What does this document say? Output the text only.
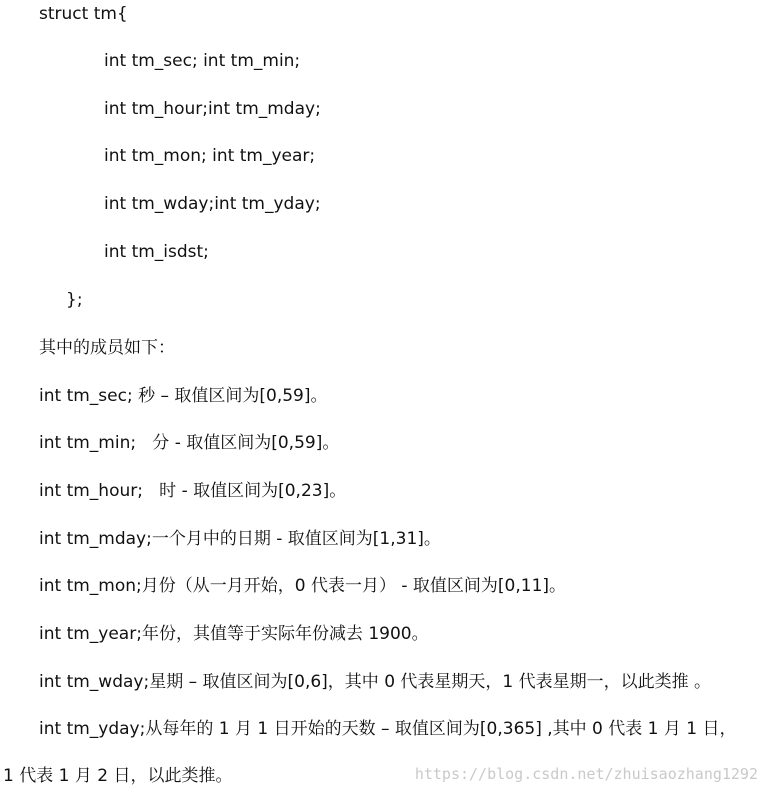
struct tm{

int tm_sec; int tm_min;

int tm_hour;int tm_mday;

int tm_mon; int tm_year;

int tm_wday;int tm_yday;

int tm_isdst;

};

其中的成员如下：

int tm_sec; 秒 – 取值区间为[0,59]。

int tm_min;   分 - 取值区间为[0,59]。

int tm_hour;   时 - 取值区间为[0,23]。

int tm_mday;一个月中的日期 - 取值区间为[1,31]。

int tm_mon;月份（从一月开始，0 代表一月） - 取值区间为[0,11]。

int tm_year;年份，其值等于实际年份减去 1900。

int tm_wday;星期 – 取值区间为[0,6]，其中 0 代表星期天，1 代表星期一，以此类推 。

int tm_yday;从每年的 1 月 1 日开始的天数 – 取值区间为[0,365] ,其中 0 代表 1 月 1 日，

1 代表 1 月 2 日，以此类推。	https://blog.csdn.net/zhuisaozhang1292
